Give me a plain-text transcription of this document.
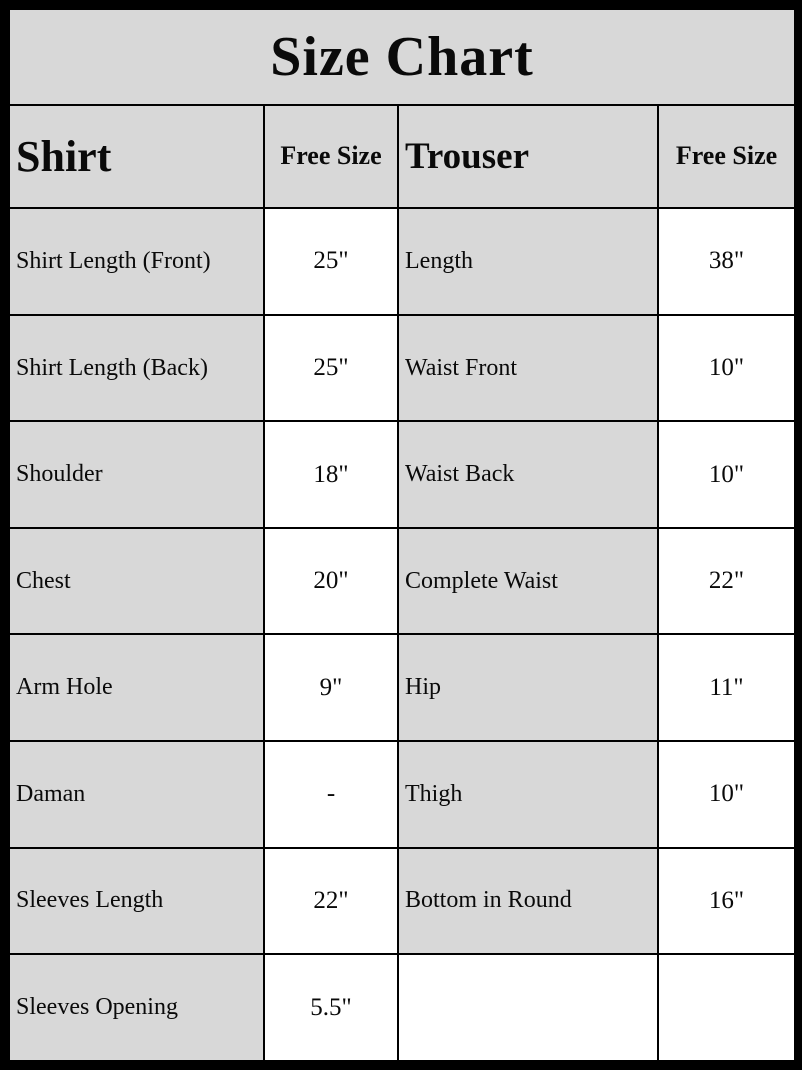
Size Chart			
Shirt	Free Size	Trouser	Free Size
Shirt Length (Front)	25"	Length	38"
Shirt Length (Back)	25"	Waist Front	10"
Shoulder	18"	Waist Back	10"
Chest	20"	Complete Waist	22"
Arm Hole	9"	Hip	11"
Daman	-	Thigh	10"
Sleeves Length	22"	Bottom in Round	16"
Sleeves Opening	5.5"		
